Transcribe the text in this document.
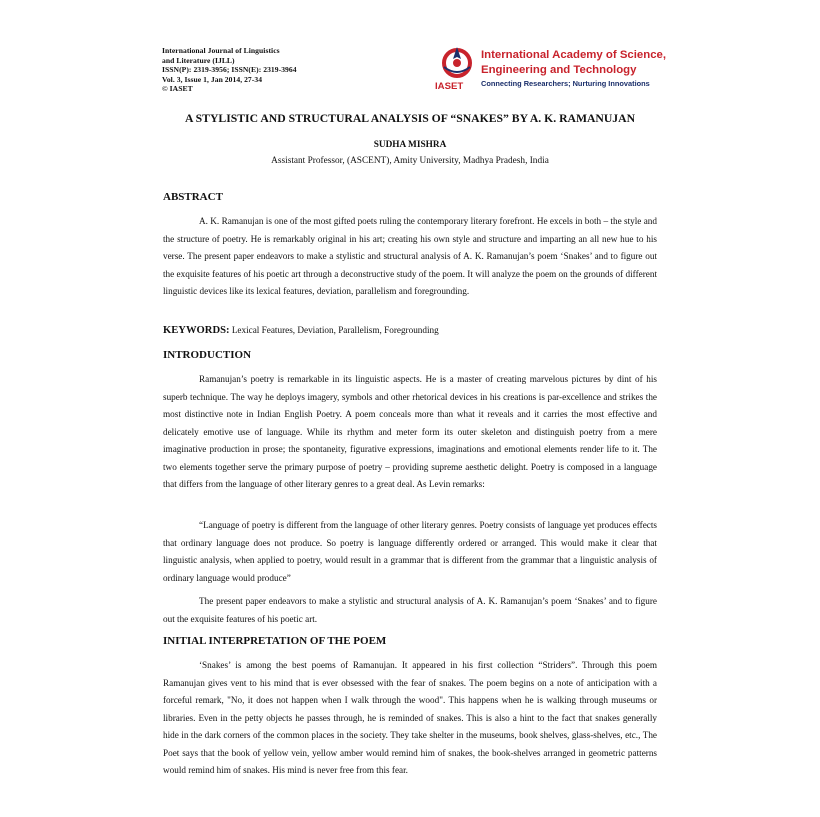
International Journal of Linguistics
and Literature (IJLL)
ISSN(P): 2319-3956; ISSN(E): 2319-3964
Vol. 3, Issue 1, Jan 2014, 27-34
© IASET	IASET
International Academy of Science,
Engineering and Technology
Connecting Researchers; Nurturing Innovations
A STYLISTIC AND STRUCTURAL ANALYSIS OF “SNAKES” BY A. K. RAMANUJAN
SUDHA MISHRA
Assistant Professor, (ASCENT), Amity University, Madhya Pradesh, India
ABSTRACT

A. K. Ramanujan is one of the most gifted poets ruling the contemporary literary forefront. He excels in both – the style and the structure of poetry. He is remarkably original in his art; creating his own style and structure and imparting an all new hue to his verse. The present paper endeavors to make a stylistic and structural analysis of A. K. Ramanujan’s poem ‘Snakes’ and to figure out the exquisite features of his poetic art through a deconstructive study of the poem. It will analyze the poem on the grounds of different linguistic devices like its lexical features, deviation, parallelism and foregrounding.

KEYWORDS: Lexical Features, Deviation, Parallelism, Foregrounding
INTRODUCTION

Ramanujan’s poetry is remarkable in its linguistic aspects. He is a master of creating marvelous pictures by dint of his superb technique. The way he deploys imagery, symbols and other rhetorical devices in his creations is par-excellence and strikes the most distinctive note in Indian English Poetry. A poem conceals more than what it reveals and it carries the most effective and delicately emotive use of language. While its rhythm and meter form its outer skeleton and distinguish poetry from a mere imaginative production in prose; the spontaneity, figurative expressions, imaginations and emotional elements render life to it. The two elements together serve the primary purpose of poetry – providing supreme aesthetic delight. Poetry is composed in a language that differs from the language of other literary genres to a great deal. As Levin remarks:

“Language of poetry is different from the language of other literary genres. Poetry consists of language yet produces effects that ordinary language does not produce. So poetry is language differently ordered or arranged. This would make it clear that linguistic analysis, when applied to poetry, would result in a grammar that is different from the grammar that a linguistic analysis of ordinary language would produce”

The present paper endeavors to make a stylistic and structural analysis of A. K. Ramanujan’s poem ‘Snakes’ and to figure out the exquisite features of his poetic art.

INITIAL INTERPRETATION OF THE POEM

‘Snakes’ is among the best poems of Ramanujan. It appeared in his first collection “Striders”. Through this poem Ramanujan gives vent to his mind that is ever obsessed with the fear of snakes. The poem begins on a note of anticipation with a forceful remark, "No, it does not happen when I walk through the wood". This happens when he is walking through museums or libraries. Even in the petty objects he passes through, he is reminded of snakes. This is also a hint to the fact that snakes generally hide in the dark corners of the common places in the society. They take shelter in the museums, book shelves, glass-shelves, etc., The Poet says that the book of yellow vein, yellow amber would remind him of snakes, the book-shelves arranged in geometric patterns would remind him of snakes. His mind is never free from this fear.
